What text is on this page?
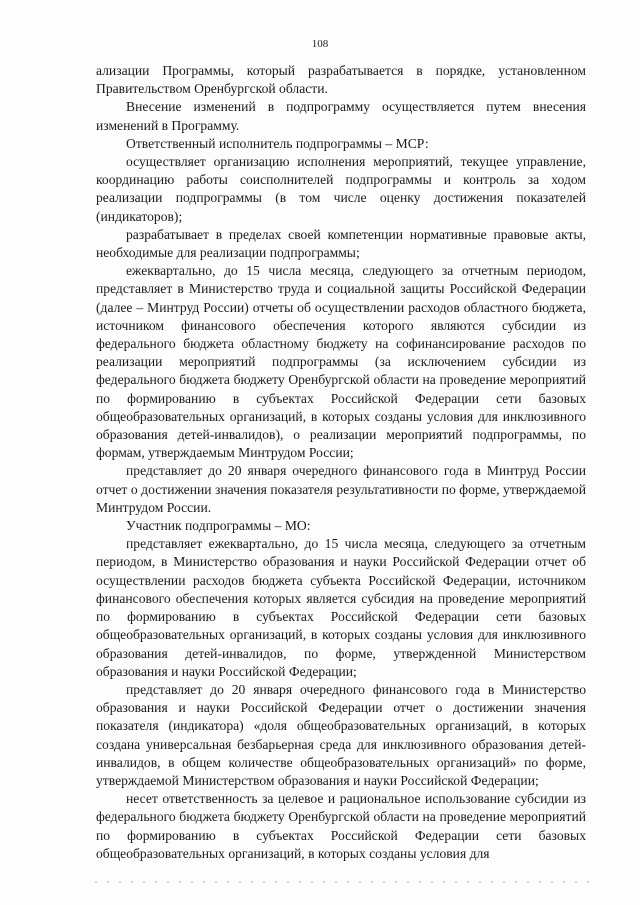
108

ализации Программы, который разрабатывается в порядке, установленном Правительством Оренбургской области.

Внесение изменений в подпрограмму осуществляется путем внесения изменений в Программу.

Ответственный исполнитель подпрограммы – МСР:

осуществляет организацию исполнения мероприятий, текущее управление, координацию работы соисполнителей подпрограммы и контроль за ходом реализации подпрограммы (в том числе оценку достижения показателей (индикаторов);

разрабатывает в пределах своей компетенции нормативные правовые акты, необходимые для реализации подпрограммы;

ежеквартально, до 15 числа месяца, следующего за отчетным периодом, представляет в Министерство труда и социальной защиты Российской Федерации (далее – Минтруд России) отчеты об осуществлении расходов областного бюджета, источником финансового обеспечения которого являются субсидии из федерального бюджета областному бюджету на софинансирование расходов по реализации мероприятий подпрограммы (за исключением субсидии из федерального бюджета бюджету Оренбургской области на проведение мероприятий по формированию в субъектах Российской Федерации сети базовых общеобразовательных организаций, в которых созданы условия для инклюзивного образования детей-инвалидов), о реализации мероприятий подпрограммы, по формам, утверждаемым Минтрудом России;

представляет до 20 января очередного финансового года в Минтруд России отчет о достижении значения показателя результативности по форме, утверждаемой Минтрудом России.

Участник подпрограммы – МО:

представляет ежеквартально, до 15 числа месяца, следующего за отчетным периодом, в Министерство образования и науки Российской Федерации отчет об осуществлении расходов бюджета субъекта Российской Федерации, источником финансового обеспечения которых является субсидия на проведение мероприятий по формированию в субъектах Российской Федерации сети базовых общеобразовательных организаций, в которых созданы условия для инклюзивного образования детей-инвалидов, по форме, утвержденной Министерством образования и науки Российской Федерации;

представляет до 20 января очередного финансового года в Министерство образования и науки Российской Федерации отчет о достижении значения показателя (индикатора) «доля общеобразовательных организаций, в которых создана универсальная безбарьерная среда для инклюзивного образования детей-инвалидов, в общем количестве общеобразовательных организаций» по форме, утверждаемой Министерством образования и науки Российской Федерации;

несет ответственность за целевое и рациональное использование субсидии из федерального бюджета бюджету Оренбургской области на проведение мероприятий по формированию в субъектах Российской Федерации сети базовых общеобразовательных организаций, в которых созданы условия для
